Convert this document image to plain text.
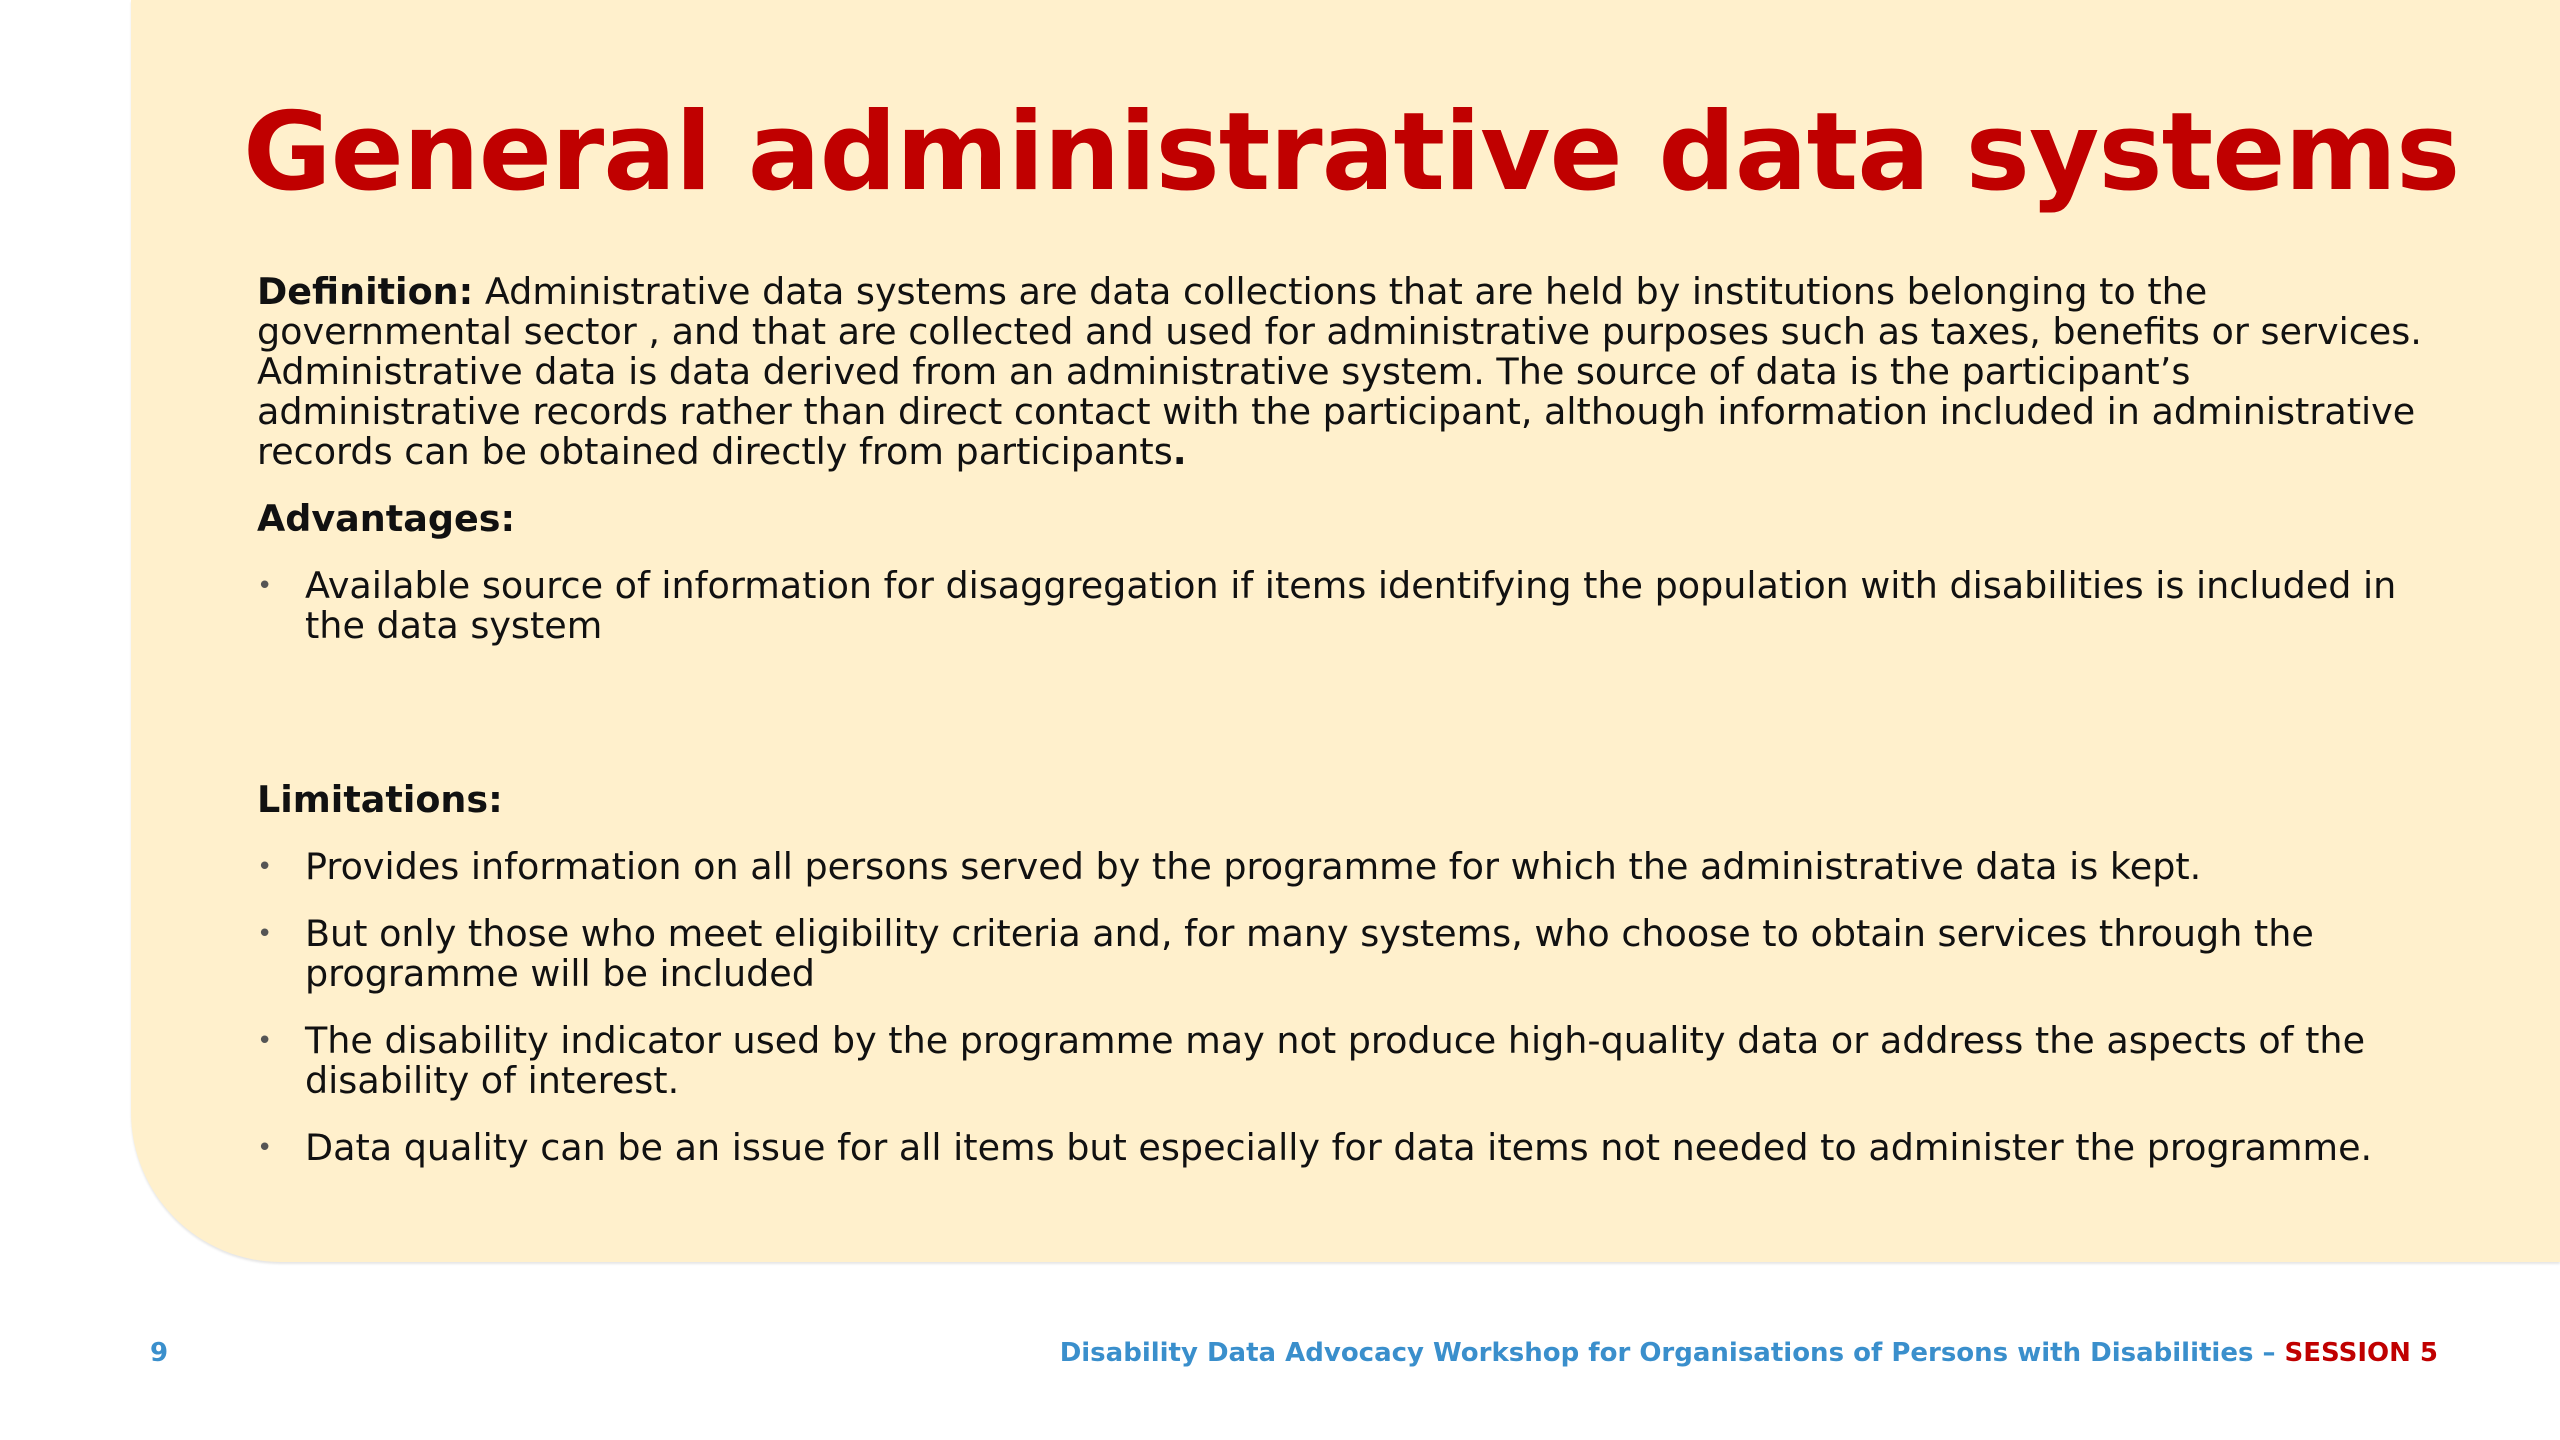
General administrative data systems

Definition: Administrative data systems are data collections that are held by institutions belonging to the governmental sector , and that are collected and used for administrative purposes such as taxes, benefits or services. Administrative data is data derived from an administrative system. The source of data is the participant’s administrative records rather than direct contact with the participant, although information included in administrative records can be obtained directly from participants.

Advantages:
• Available source of information for disaggregation if items identifying the population with disabilities is included in the data system
Limitations:
• Provides information on all persons served by the programme for which the administrative data is kept.
• But only those who meet eligibility criteria and, for many systems, who choose to obtain services through the programme will be included
• The disability indicator used by the programme may not produce high-quality data or address the aspects of the disability of interest.
• Data quality can be an issue for all items but especially for data items not needed to administer the programme.
9	Disability Data Advocacy Workshop for Organisations of Persons with Disabilities – SESSION 5
